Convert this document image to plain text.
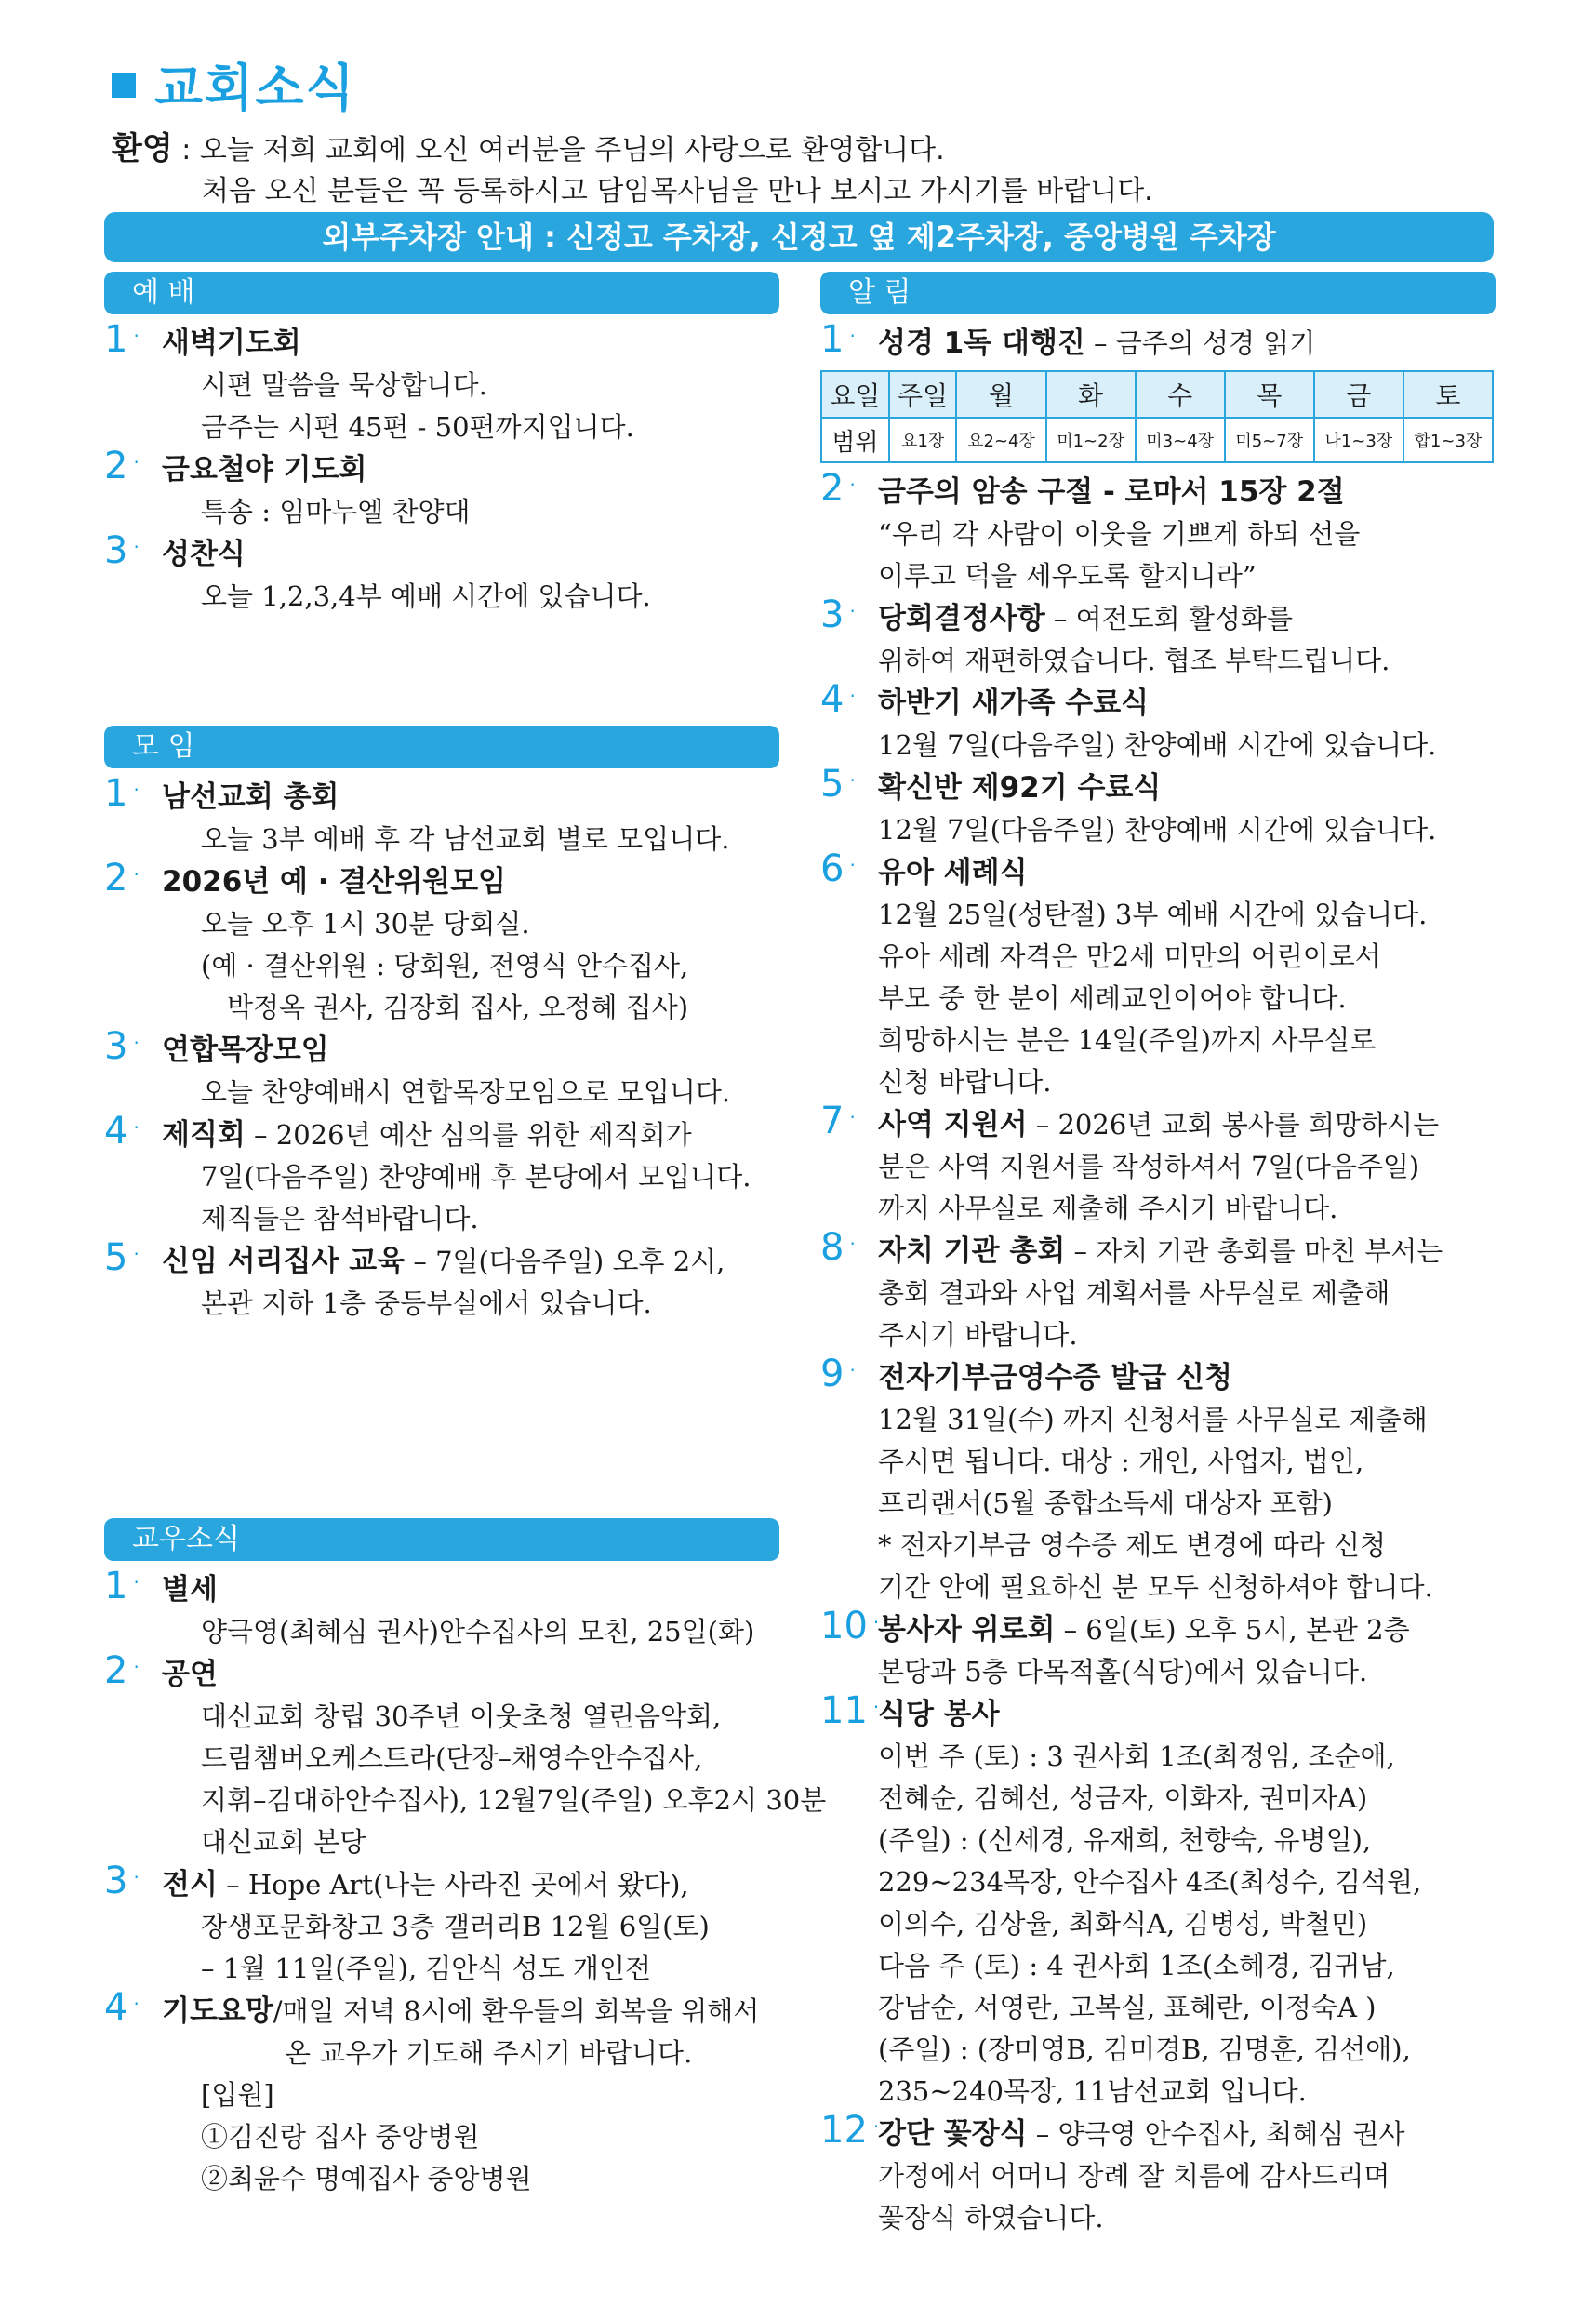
교회소식
환영 : 오늘 저희 교회에 오신 여러분을 주님의 사랑으로 환영합니다.
처음 오신 분들은 꼭 등록하시고 담임목사님을 만나 보시고 가시기를 바랍니다.
외부주차장 안내 : 신정고 주차장, 신정고 옆 제2주차장, 중앙병원 주차장
예 배
1 · 새벽기도회
시편 말씀을 묵상합니다.
금주는 시편 45편 - 50편까지입니다.
2 · 금요철야 기도회
특송 : 임마누엘 찬양대
3 · 성찬식
오늘 1,2,3,4부 예배 시간에 있습니다.
모 임
1 · 남선교회 총회
오늘 3부 예배 후 각 남선교회 별로 모입니다.
2 · 2026년 예 · 결산위원모임
오늘 오후 1시 30분 당회실.
(예 · 결산위원 : 당회원, 전영식 안수집사,
박정옥 권사, 김장회 집사, 오정혜 집사)
3 · 연합목장모임
오늘 찬양예배시 연합목장모임으로 모입니다.
4 · 제직회 – 2026년 예산 심의를 위한 제직회가
7일(다음주일) 찬양예배 후 본당에서 모입니다.
제직들은 참석바랍니다.
5 · 신임 서리집사 교육 – 7일(다음주일) 오후 2시,
본관 지하 1층 중등부실에서 있습니다.
교우소식
1 · 별세
양극영(최혜심 권사)안수집사의 모친, 25일(화)
2 · 공연
대신교회 창립 30주년 이웃초청 열린음악회,
드림챔버오케스트라(단장–채영수안수집사,
지휘–김대하안수집사), 12월7일(주일) 오후2시 30분
대신교회 본당
3 · 전시 – Hope Art(나는 사라진 곳에서 왔다),
장생포문화창고 3층 갤러리B 12월 6일(토)
– 1월 11일(주일), 김안식 성도 개인전
4 · 기도요망/매일 저녁 8시에 환우들의 회복을 위해서
온 교우가 기도해 주시기 바랍니다.
[입원]
①김진랑 집사 중앙병원
②최윤수 명예집사 중앙병원
알 림
1 · 성경 1독 대행진 – 금주의 성경 읽기
요일	주일	월	화	수	목	금	토
범위	요1장	요2~4장	미1~2장	미3~4장	미5~7장	나1~3장	합1~3장
2 · 금주의 암송 구절 - 로마서 15장 2절
“우리 각 사람이 이웃을 기쁘게 하되 선을
이루고 덕을 세우도록 할지니라”
3 · 당회결정사항 – 여전도회 활성화를
위하여 재편하였습니다. 협조 부탁드립니다.
4 · 하반기 새가족 수료식
12월 7일(다음주일) 찬양예배 시간에 있습니다.
5 · 확신반 제92기 수료식
12월 7일(다음주일) 찬양예배 시간에 있습니다.
6 · 유아 세례식
12월 25일(성탄절) 3부 예배 시간에 있습니다.
유아 세례 자격은 만2세 미만의 어린이로서
부모 중 한 분이 세례교인이어야 합니다.
희망하시는 분은 14일(주일)까지 사무실로
신청 바랍니다.
7 · 사역 지원서 – 2026년 교회 봉사를 희망하시는
분은 사역 지원서를 작성하셔서 7일(다음주일)
까지 사무실로 제출해 주시기 바랍니다.
8 · 자치 기관 총회 – 자치 기관 총회를 마친 부서는
총회 결과와 사업 계획서를 사무실로 제출해
주시기 바랍니다.
9 · 전자기부금영수증 발급 신청
12월 31일(수) 까지 신청서를 사무실로 제출해
주시면 됩니다. 대상 : 개인, 사업자, 법인,
프리랜서(5월 종합소득세 대상자 포함)
* 전자기부금 영수증 제도 변경에 따라 신청
기간 안에 필요하신 분 모두 신청하셔야 합니다.
10 ·
봉사자 위로회 – 6일(토) 오후 5시, 본관 2층
본당과 5층 다목적홀(식당)에서 있습니다.
11 ·
식당 봉사
이번 주 (토) : 3 권사회 1조(최정임, 조순애,
전혜순, 김혜선, 성금자, 이화자, 권미자A)
(주일) : (신세경, 유재희, 천향숙, 유병일),
229~234목장, 안수집사 4조(최성수, 김석원,
이의수, 김상율, 최화식A, 김병성, 박철민)
다음 주 (토) : 4 권사회 1조(소혜경, 김귀남,
강남순, 서영란, 고복실, 표혜란, 이정숙A )
(주일) : (장미영B, 김미경B, 김명훈, 김선애),
235~240목장, 11남선교회 입니다.
12 ·
강단 꽃장식 – 양극영 안수집사, 최혜심 권사
가정에서 어머니 장례 잘 치름에 감사드리며
꽃장식 하였습니다.
